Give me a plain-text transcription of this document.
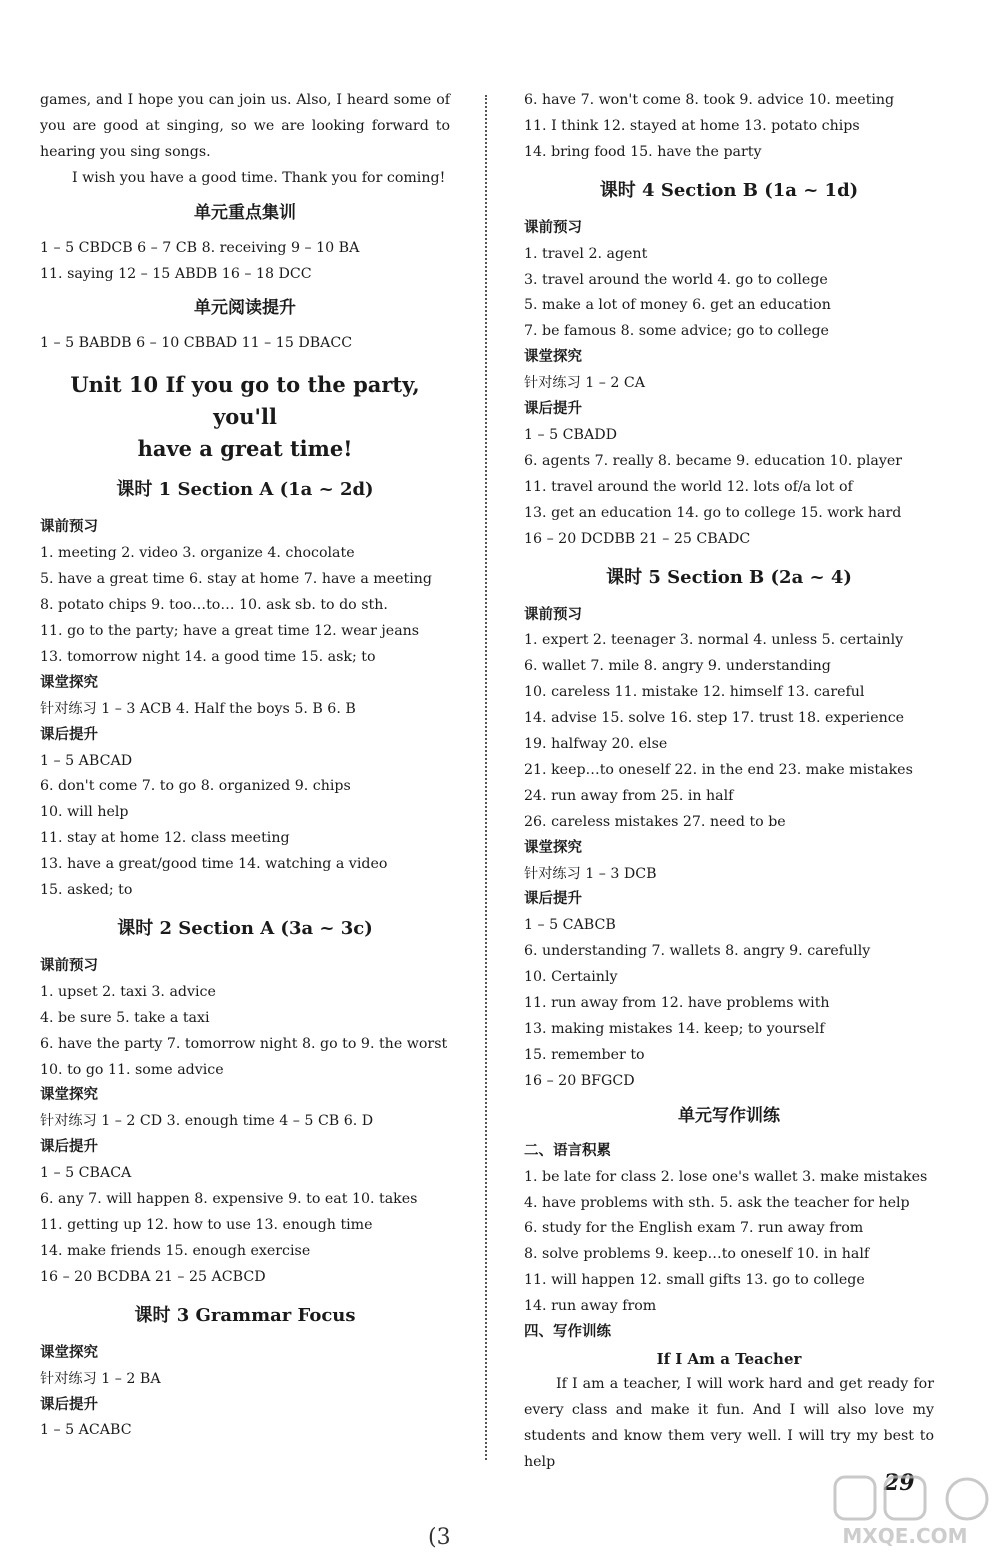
games, and I hope you can join us. Also, I heard some of you are good at singing, so we are looking forward to hearing you sing songs.
I wish you have a good time. Thank you for coming!
单元重点集训
1 – 5 CBDCB 6 – 7 CB 8. receiving 9 – 10 BA
11. saying 12 – 15 ABDB 16 – 18 DCC
单元阅读提升
1 – 5 BABDB 6 – 10 CBBAD 11 – 15 DBACC
Unit 10 If you go to the party, you'll
have a great time!
课时 1 Section A (1a ~ 2d)
课前预习
1. meeting 2. video 3. organize 4. chocolate
5. have a great time 6. stay at home 7. have a meeting
8. potato chips 9. too…to… 10. ask sb. to do sth.
11. go to the party; have a great time 12. wear jeans
13. tomorrow night 14. a good time 15. ask; to
课堂探究
针对练习 1 – 3 ACB 4. Half the boys 5. B 6. B
课后提升
1 – 5 ABCAD
6. don't come 7. to go 8. organized 9. chips
10. will help
11. stay at home 12. class meeting
13. have a great/good time 14. watching a video
15. asked; to
课时 2 Section A (3a ~ 3c)
课前预习
1. upset 2. taxi 3. advice
4. be sure 5. take a taxi
6. have the party 7. tomorrow night 8. go to 9. the worst
10. to go 11. some advice
课堂探究
针对练习 1 – 2 CD 3. enough time 4 – 5 CB 6. D
课后提升
1 – 5 CBACA
6. any 7. will happen 8. expensive 9. to eat 10. takes
11. getting up 12. how to use 13. enough time
14. make friends 15. enough exercise
16 – 20 BCDBA 21 – 25 ACBCD
课时 3 Grammar Focus
课堂探究
针对练习 1 – 2 BA
课后提升
1 – 5 ACABC
6. have 7. won't come 8. took 9. advice 10. meeting
11. I think 12. stayed at home 13. potato chips
14. bring food 15. have the party
课时 4 Section B (1a ~ 1d)
课前预习
1. travel 2. agent
3. travel around the world 4. go to college
5. make a lot of money 6. get an education
7. be famous 8. some advice; go to college
课堂探究
针对练习 1 – 2 CA
课后提升
1 – 5 CBADD
6. agents 7. really 8. became 9. education 10. player
11. travel around the world 12. lots of/a lot of
13. get an education 14. go to college 15. work hard
16 – 20 DCDBB 21 – 25 CBADC
课时 5 Section B (2a ~ 4)
课前预习
1. expert 2. teenager 3. normal 4. unless 5. certainly
6. wallet 7. mile 8. angry 9. understanding
10. careless 11. mistake 12. himself 13. careful
14. advise 15. solve 16. step 17. trust 18. experience
19. halfway 20. else
21. keep…to oneself 22. in the end 23. make mistakes
24. run away from 25. in half
26. careless mistakes 27. need to be
课堂探究
针对练习 1 – 3 DCB
课后提升
1 – 5 CABCB
6. understanding 7. wallets 8. angry 9. carefully
10. Certainly
11. run away from 12. have problems with
13. making mistakes 14. keep; to yourself
15. remember to
16 – 20 BFGCD
单元写作训练
二、语言积累
1. be late for class 2. lose one's wallet 3. make mistakes
4. have problems with sth. 5. ask the teacher for help
6. study for the English exam 7. run away from
8. solve problems 9. keep…to oneself 10. in half
11. will happen 12. small gifts 13. go to college
14. run away from
四、写作训练
If I Am a Teacher
If I am a teacher, I will work hard and get ready for every class and make it fun. And I will also love my students and know them very well. I will try my best to help
29
(3	MXQE.COM
